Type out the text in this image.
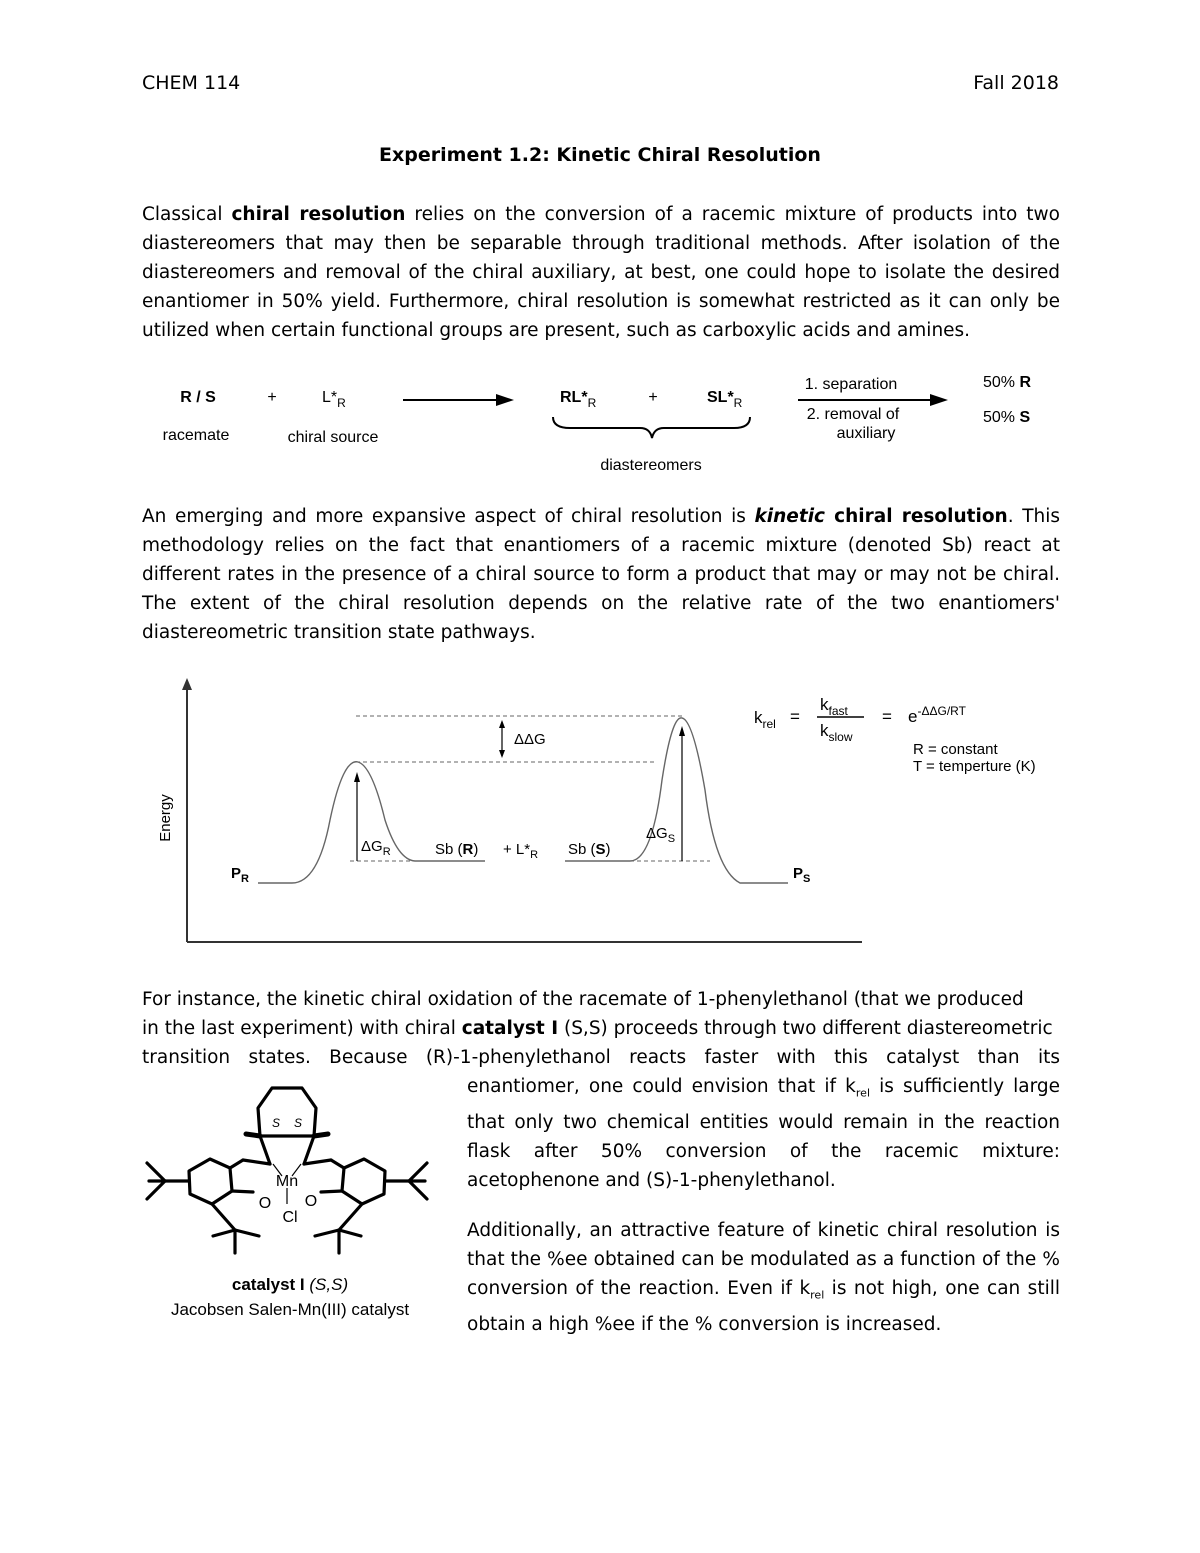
CHEM 114	Fall 2018
Experiment 1.2: Kinetic Chiral Resolution
Classical chiral resolution relies on the conversion of a racemic mixture of products into two diastereomers that may then be separable through traditional methods. After isolation of the diastereomers and removal of the chiral auxiliary, at best, one could hope to isolate the desired enantiomer in 50% yield. Furthermore, chiral resolution is somewhat restricted as it can only be utilized when certain functional groups are present, such as carboxylic acids and amines.
R / S	+	$L*_R$
racemate	chiral source
$RL*_R$	+	$SL*_R$
diastereomers
1. separation
2. removal of
auxiliary
50% R
50% S
An emerging and more expansive aspect of chiral resolution is kinetic chiral resolution. This methodology relies on the fact that enantiomers of a racemic mixture (denoted Sb) react at different rates in the presence of a chiral source to form a product that may or may not be chiral. The extent of the chiral resolution depends on the relative rate of the two enantiomers' diastereometric transition state pathways.
Energy
ΔΔG
$\Delta G_R$
$\Delta G_S$
Sb $(R) + L*_R$ Sb (S)
$P_R$	$P_S$
$k_{rel}$ =
$k_{fast}$
$k_{slow}$
= $e^{-\Delta\Delta G/RT}$
R = constant
T = temperture (K)
For instance, the kinetic chiral oxidation of the racemate of 1-phenylethanol (that we produced
in the last experiment) with chiral catalyst I (S,S) proceeds through two different diastereometric
transition states. Because (R)-1-phenylethanol reacts faster with this catalyst than its
enantiomer, one could envision that if $k_{rel}$ is sufficiently large that only two chemical entities would remain in the reaction flask after 50% conversion of the racemic mixture: acetophenone and (S)-1-phenylethanol.
Additionally, an attractive feature of kinetic chiral resolution is that the %ee obtained can be modulated as a function of the % conversion of the reaction. Even if $k_{rel}$ is not high, one can still obtain a high %ee if the % conversion is increased.
Mn
O O
Cl
S S
catalyst I (S,S)
Jacobsen Salen-Mn(III) catalyst
